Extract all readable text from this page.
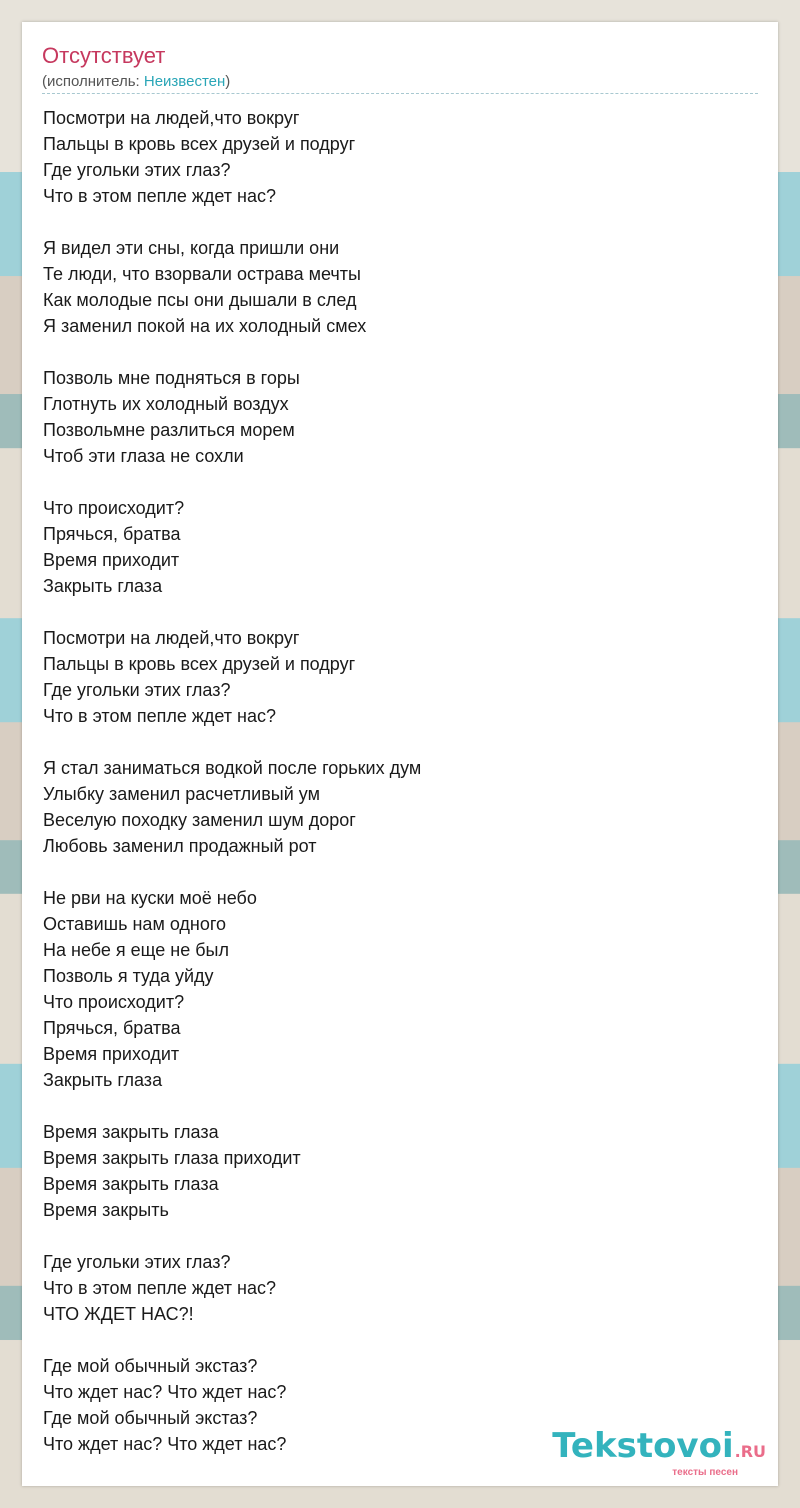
Отсутствует
(исполнитель: Неизвестен)
Посмотри на людей,что вокруг
Пальцы в кровь всех друзей и подруг
Где угольки этих глаз?
Что в этом пепле ждет нас?
Я видел эти сны, когда пришли они
Те люди, что взорвали острава мечты
Как молодые псы они дышали в след
Я заменил покой на их холодный смех
Позволь мне подняться в горы
Глотнуть их холодный воздух
Позвольмне разлиться морем
Чтоб эти глаза не сохли
Что происходит?
Прячься, братва
Время приходит
Закрыть глаза
Посмотри на людей,что вокруг
Пальцы в кровь всех друзей и подруг
Где угольки этих глаз?
Что в этом пепле ждет нас?
Я стал заниматься водкой после горьких дум
Улыбку заменил расчетливый ум
Веселую походку заменил шум дорог
Любовь заменил продажный рот
Не рви на куски моё небо
Оставишь нам одного
На небе я еще не был
Позволь я туда уйду
Что происходит?
Прячься, братва
Время приходит
Закрыть глаза
Время закрыть глаза
Время закрыть глаза приходит
Время закрыть глаза
Время закрыть
Где угольки этих глаз?
Что в этом пепле ждет нас?
ЧТО ЖДЕТ НАС?!
Где мой обычный экстаз?
Что ждет нас? Что ждет нас?
Где мой обычный экстаз?
Что ждет нас? Что ждет нас?	Tekstovoi.RU
тексты песен
